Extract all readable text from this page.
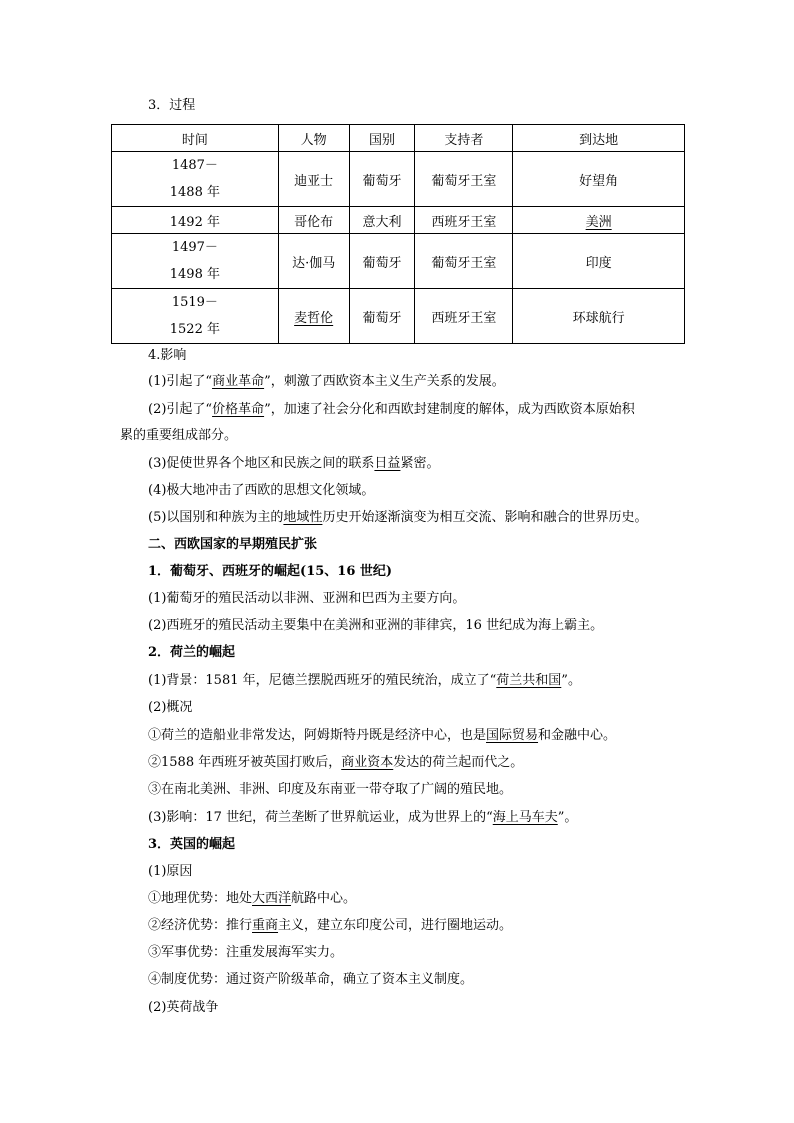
3．过程
时间	人物	国别	支持者	到达地

1487－
1488 年	迪亚士	葡萄牙	葡萄牙王室	好望角
1492 年	哥伦布	意大利	西班牙王室	美洲

1497－
1498 年	达·伽马	葡萄牙	葡萄牙王室	印度

1519－
1522 年	麦哲伦	葡萄牙	西班牙王室	环球航行
4.影响
(1)引起了“商业革命”，刺激了西欧资本主义生产关系的发展。
(2)引起了“价格革命”，加速了社会分化和西欧封建制度的解体，成为西欧资本原始积
累的重要组成部分。
(3)促使世界各个地区和民族之间的联系日益紧密。
(4)极大地冲击了西欧的思想文化领域。
(5)以国别和种族为主的地域性历史开始逐渐演变为相互交流、影响和融合的世界历史。
二、西欧国家的早期殖民扩张
1．葡萄牙、西班牙的崛起(15、16 世纪)
(1)葡萄牙的殖民活动以非洲、亚洲和巴西为主要方向。
(2)西班牙的殖民活动主要集中在美洲和亚洲的菲律宾，16 世纪成为海上霸主。
2．荷兰的崛起
(1)背景：1581 年，尼德兰摆脱西班牙的殖民统治，成立了“荷兰共和国”。
(2)概况
①荷兰的造船业非常发达，阿姆斯特丹既是经济中心，也是国际贸易和金融中心。
②1588 年西班牙被英国打败后，商业资本发达的荷兰起而代之。
③在南北美洲、非洲、印度及东南亚一带夺取了广阔的殖民地。
(3)影响：17 世纪，荷兰垄断了世界航运业，成为世界上的“海上马车夫”。
3．英国的崛起
(1)原因
①地理优势：地处大西洋航路中心。
②经济优势：推行重商主义，建立东印度公司，进行圈地运动。
③军事优势：注重发展海军实力。
④制度优势：通过资产阶级革命，确立了资本主义制度。
(2)英荷战争
